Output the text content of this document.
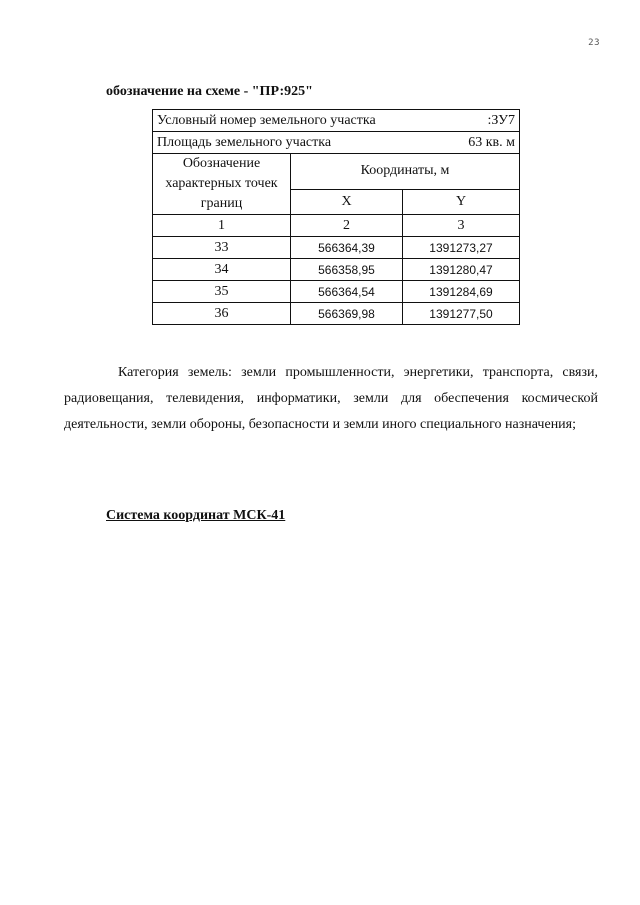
23
обозначение на схеме - "ПР:925"
Условный номер земельного участка :ЗУ7		

Площадь земельного участка 63 кв. м		

Обозначение характерных точек границ	Координаты, м	
	X	Y
1	2	3
33	566364,39	1391273,27
34	566358,95	1391280,47
35	566364,54	1391284,69
36	566369,98	1391277,50
Категория земель: земли промышленности, энергетики, транспорта, связи, радиовещания, телевидения, информатики, земли для обеспечения космической деятельности, земли обороны, безопасности и земли иного специального назначения;
Система координат МСК-41
